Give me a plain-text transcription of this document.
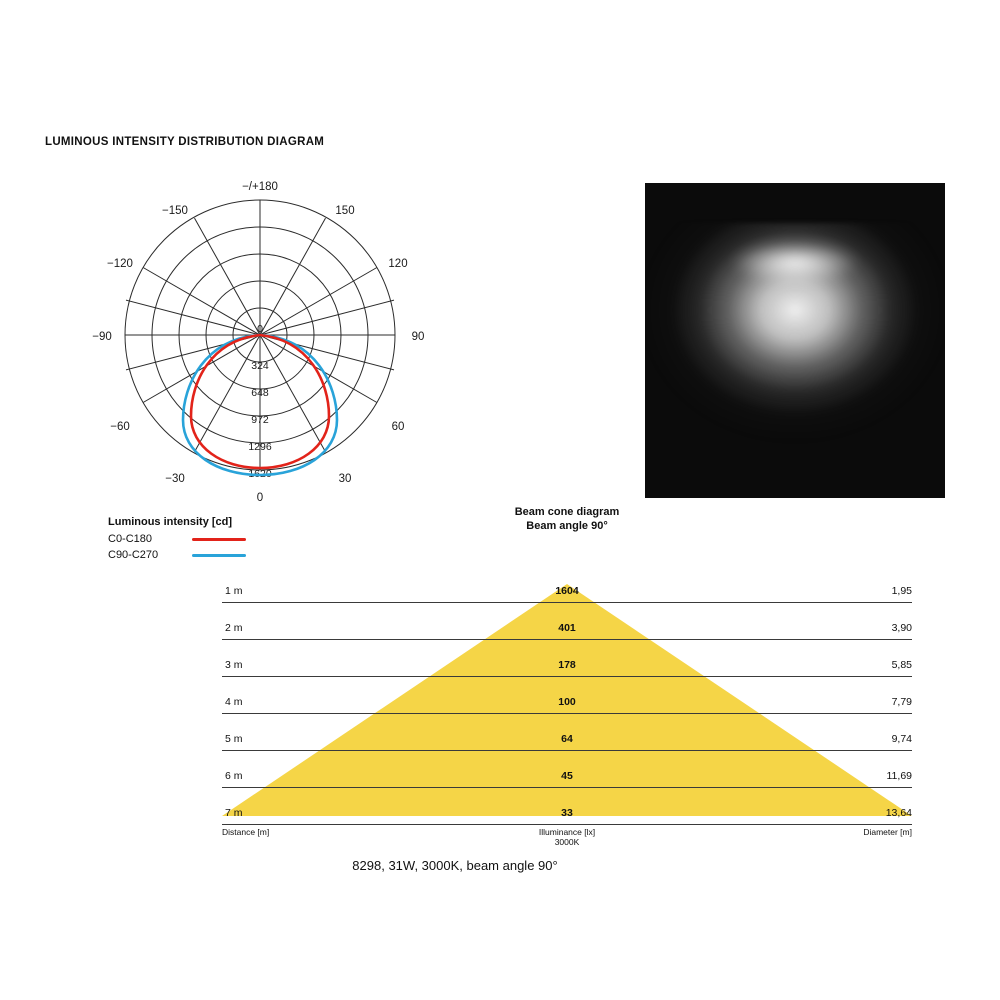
LUMINOUS INTENSITY DISTRIBUTION DIAGRAM
324
648
972
1296
1620
0
−/+180
150
120
90
60
30
−150
−120
−90
−60
−30
0
Luminous intensity [cd]
C0-C180
C90-C270
Beam cone diagram
Beam angle 90°
1 m	1604	1,95
2 m	401	3,90
3 m	178	5,85
4 m	100	7,79
5 m	64	9,74
6 m	45	11,69
7 m	33	13,64
Distance [m]	Illuminance [lx]
3000K
Diameter [m]
8298, 31W, 3000K, beam angle 90°
